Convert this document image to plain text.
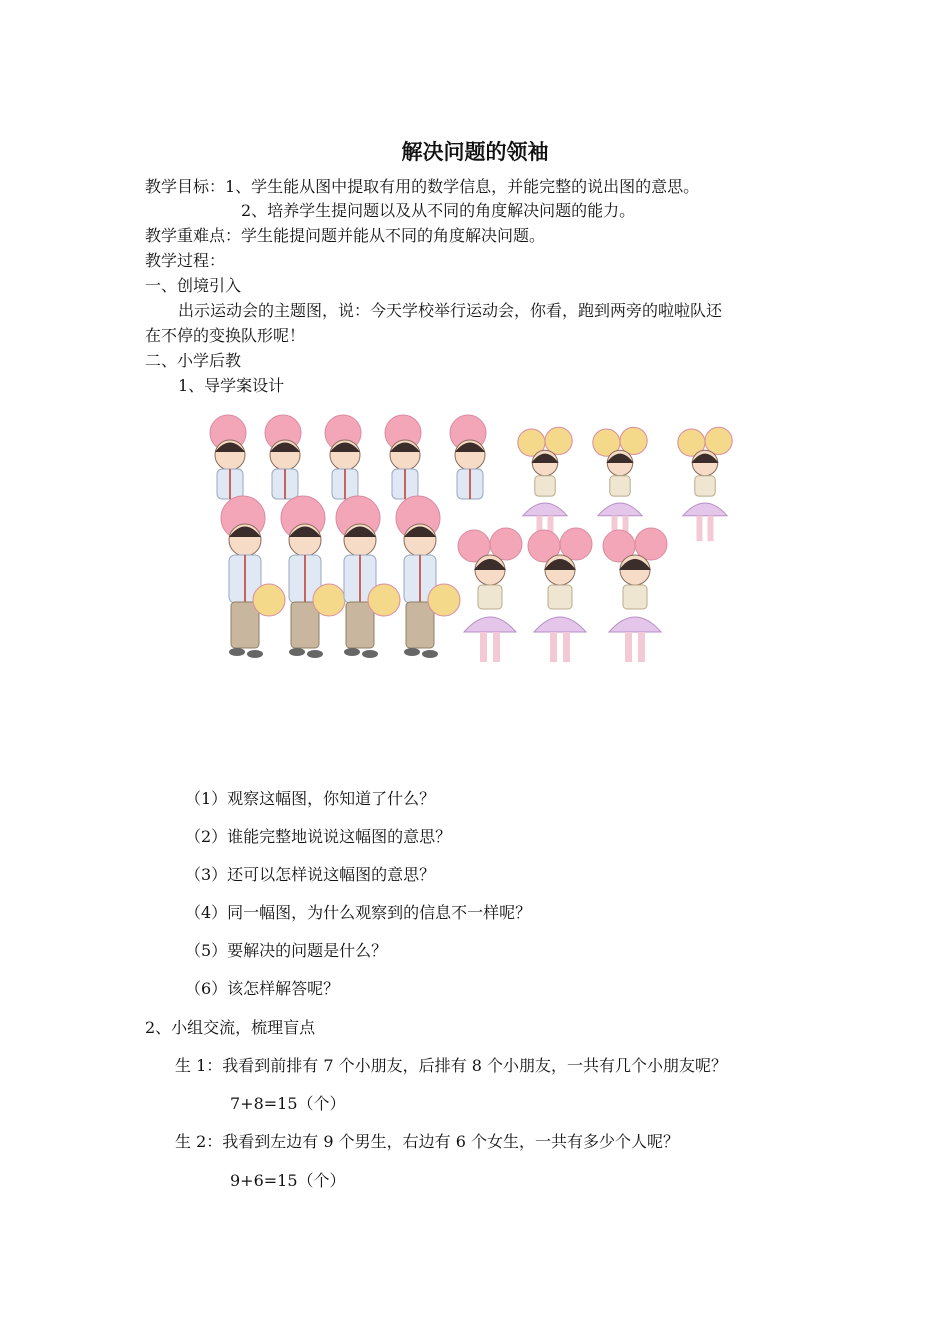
解决问题的领袖
教学目标：1、学生能从图中提取有用的数学信息，并能完整的说出图的意思。
2、培养学生提问题以及从不同的角度解决问题的能力。
教学重难点：学生能提问题并能从不同的角度解决问题。
教学过程：
一、创境引入
出示运动会的主题图，说：今天学校举行运动会，你看，跑到两旁的啦啦队还
在不停的变换队形呢！
二、小学后教
1、导学案设计
（1）观察这幅图，你知道了什么？
（2）谁能完整地说说这幅图的意思？
（3）还可以怎样说这幅图的意思？
（4）同一幅图，为什么观察到的信息不一样呢？
（5）要解决的问题是什么？
（6）该怎样解答呢？
2、小组交流，梳理盲点
生 1：我看到前排有 7 个小朋友，后排有 8 个小朋友，一共有几个小朋友呢？
7+8=15（个）
生 2：我看到左边有 9 个男生，右边有 6 个女生，一共有多少个人呢？
9+6=15（个）
